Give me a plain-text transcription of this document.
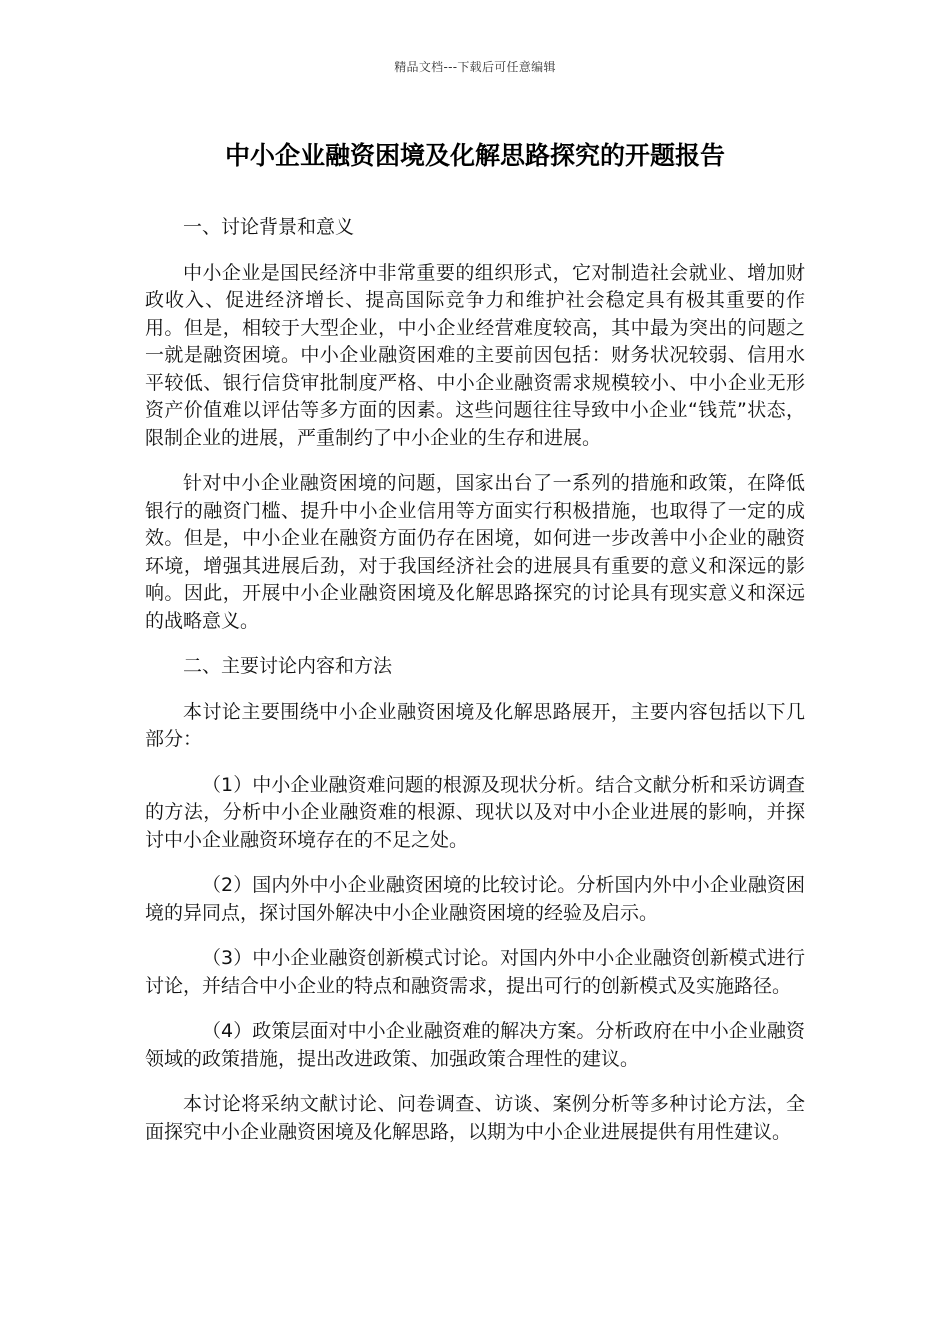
精品文档---下载后可任意编辑
中小企业融资困境及化解思路探究的开题报告

一、讨论背景和意义

中小企业是国民经济中非常重要的组织形式，它对制造社会就业、增加财政收入、促进经济增长、提高国际竞争力和维护社会稳定具有极其重要的作用。但是，相较于大型企业，中小企业经营难度较高，其中最为突出的问题之一就是融资困境。中小企业融资困难的主要前因包括：财务状况较弱、信用水平较低、银行信贷审批制度严格、中小企业融资需求规模较小、中小企业无形资产价值难以评估等多方面的因素。这些问题往往导致中小企业“钱荒”状态，限制企业的进展，严重制约了中小企业的生存和进展。

针对中小企业融资困境的问题，国家出台了一系列的措施和政策，在降低银行的融资门槛、提升中小企业信用等方面实行积极措施，也取得了一定的成效。但是，中小企业在融资方面仍存在困境，如何进一步改善中小企业的融资环境，增强其进展后劲，对于我国经济社会的进展具有重要的意义和深远的影响。因此，开展中小企业融资困境及化解思路探究的讨论具有现实意义和深远的战略意义。

二、主要讨论内容和方法

本讨论主要围绕中小企业融资困境及化解思路展开，主要内容包括以下几部分：

（1）中小企业融资难问题的根源及现状分析。结合文献分析和采访调查的方法，分析中小企业融资难的根源、现状以及对中小企业进展的影响，并探讨中小企业融资环境存在的不足之处。

（2）国内外中小企业融资困境的比较讨论。分析国内外中小企业融资困境的异同点，探讨国外解决中小企业融资困境的经验及启示。

（3）中小企业融资创新模式讨论。对国内外中小企业融资创新模式进行讨论，并结合中小企业的特点和融资需求，提出可行的创新模式及实施路径。

（4）政策层面对中小企业融资难的解决方案。分析政府在中小企业融资领域的政策措施，提出改进政策、加强政策合理性的建议。

本讨论将采纳文献讨论、问卷调查、访谈、案例分析等多种讨论方法，全面探究中小企业融资困境及化解思路，以期为中小企业进展提供有用性建议。
